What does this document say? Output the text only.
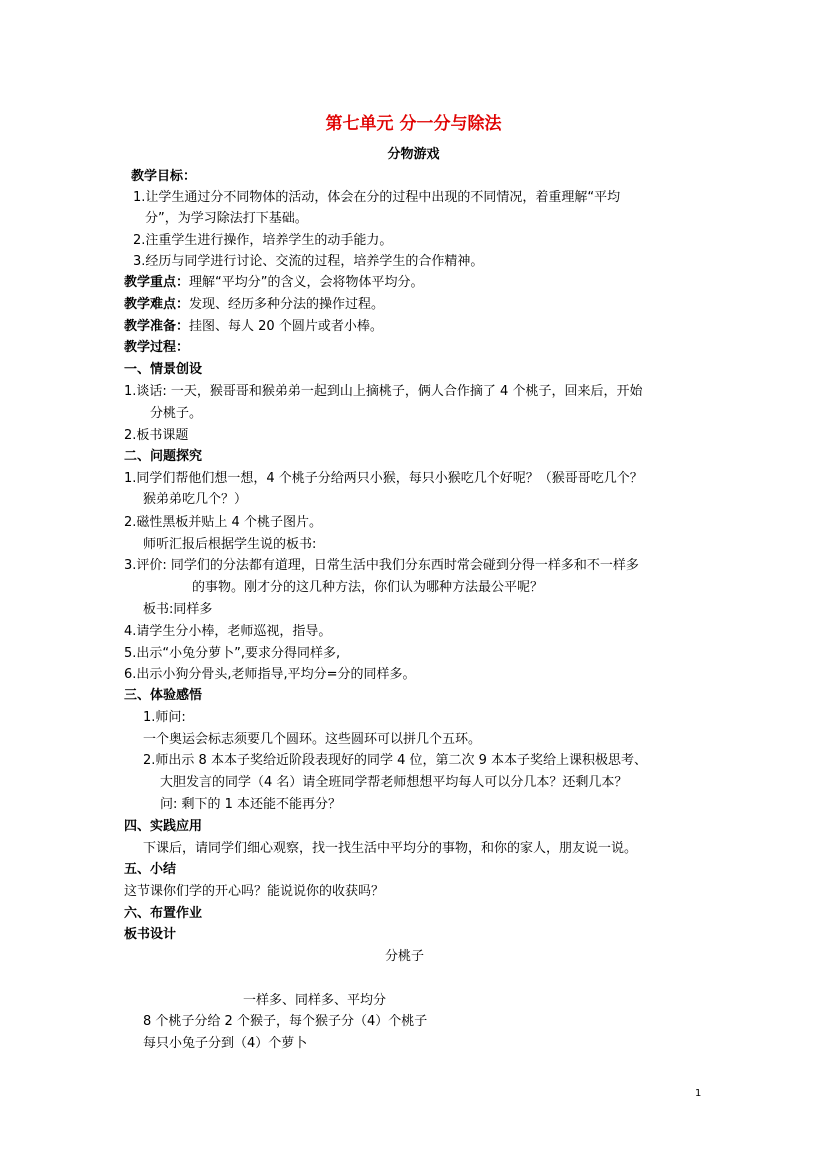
第七单元 分一分与除法
分物游戏
教学目标：
1.让学生通过分不同物体的活动，体会在分的过程中出现的不同情况，着重理解“平均
分”，为学习除法打下基础。
2.注重学生进行操作，培养学生的动手能力。
3.经历与同学进行讨论、交流的过程，培养学生的合作精神。
教学重点：理解“平均分”的含义，会将物体平均分。
教学难点：发现、经历多种分法的操作过程。
教学准备：挂图、每人 20 个圆片或者小棒。
教学过程：
一、情景创设
1.谈话: 一天，猴哥哥和猴弟弟一起到山上摘桃子，俩人合作摘了 4 个桃子，回来后，开始
分桃子。
2.板书课题
二、问题探究
1.同学们帮他们想一想，4 个桃子分给两只小猴，每只小猴吃几个好呢？（猴哥哥吃几个？
猴弟弟吃几个？）
2.磁性黑板并贴上 4 个桃子图片。
师听汇报后根据学生说的板书:
3.评价: 同学们的分法都有道理，日常生活中我们分东西时常会碰到分得一样多和不一样多
的事物。刚才分的这几种方法，你们认为哪种方法最公平呢？
板书:同样多
4.请学生分小棒，老师巡视，指导。
5.出示“小兔分萝卜”,要求分得同样多,
6.出示小狗分骨头,老师指导,平均分=分的同样多。
三、体验感悟
1.师问:
一个奥运会标志须要几个圆环。这些圆环可以拼几个五环。
2.师出示 8 本本子奖给近阶段表现好的同学 4 位，第二次 9 本本子奖给上课积极思考、
大胆发言的同学（4 名）请全班同学帮老师想想平均每人可以分几本？还剩几本？
问: 剩下的 1 本还能不能再分？
四、实践应用
下课后，请同学们细心观察，找一找生活中平均分的事物，和你的家人，朋友说一说。
五、小结
这节课你们学的开心吗？能说说你的收获吗？
六、布置作业
板书设计
分桃子
一样多、同样多、平均分
8 个桃子分给 2 个猴子，每个猴子分（4）个桃子
每只小兔子分到（4）个萝卜
1
